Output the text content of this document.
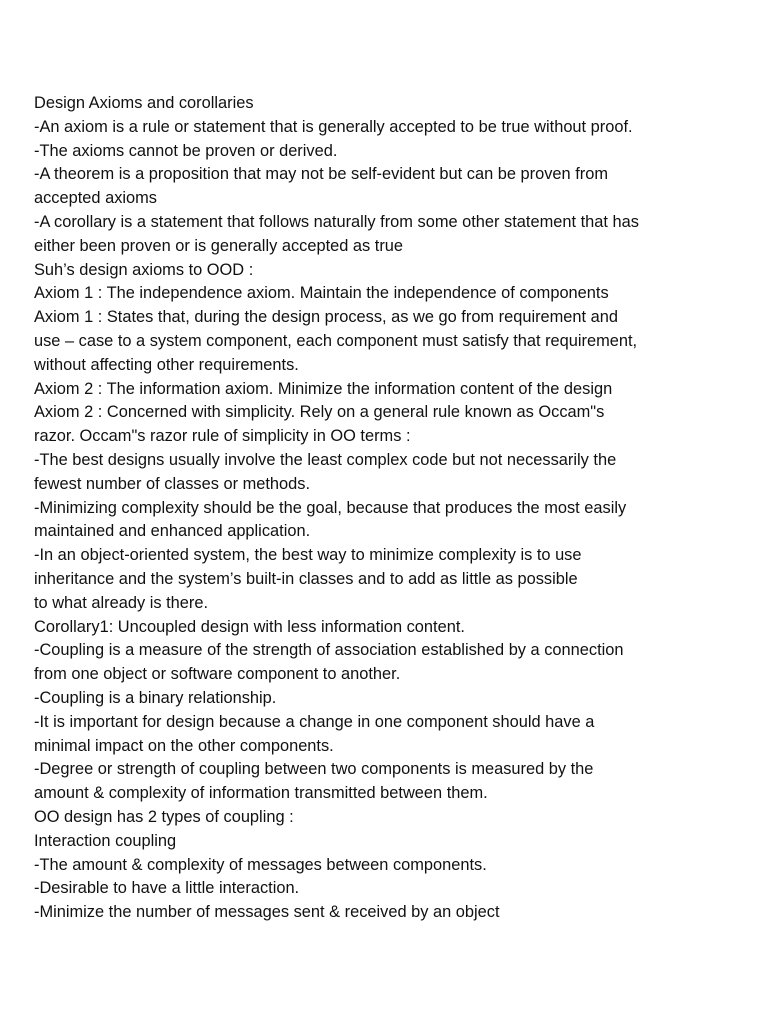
Design Axioms and corollaries
-An axiom is a rule or statement that is generally accepted to be true without proof.
-The axioms cannot be proven or derived.
-A theorem is a proposition that may not be self-evident but can be proven from
accepted axioms
-A corollary is a statement that follows naturally from some other statement that has
either been proven or is generally accepted as true
Suh’s design axioms to OOD :
Axiom 1 : The independence axiom. Maintain the independence of components
Axiom 1 : States that, during the design process, as we go from requirement and
use – case to a system component, each component must satisfy that requirement,
without affecting other requirements.
Axiom 2 : The information axiom. Minimize the information content of the design
Axiom 2 : Concerned with simplicity. Rely on a general rule known as Occam"s
razor. Occam"s razor rule of simplicity in OO terms :
-The best designs usually involve the least complex code but not necessarily the
fewest number of classes or methods.
-Minimizing complexity should be the goal, because that produces the most easily
maintained and enhanced application.
-In an object-oriented system, the best way to minimize complexity is to use
inheritance and the system’s built-in classes and to add as little as possible
to what already is there.
Corollary1: Uncoupled design with less information content.
-Coupling is a measure of the strength of association established by a connection
from one object or software component to another.
-Coupling is a binary relationship.
-It is important for design because a change in one component should have a
minimal impact on the other components.
-Degree or strength of coupling between two components is measured by the
amount & complexity of information transmitted between them.
OO design has 2 types of coupling :
Interaction coupling
-The amount & complexity of messages between components.
-Desirable to have a little interaction.
-Minimize the number of messages sent & received by an object
